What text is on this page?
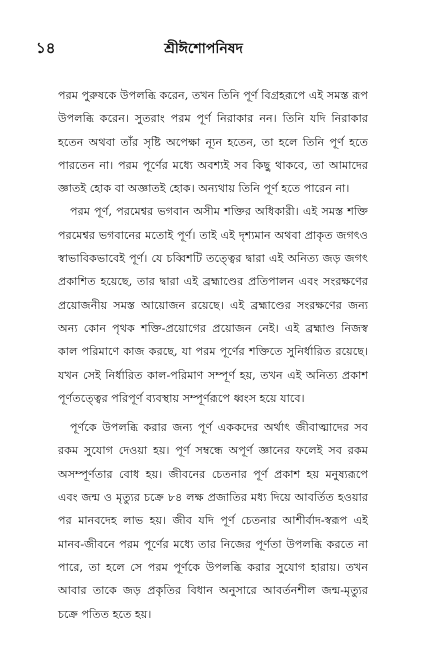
১৪	শ্রীঈশোপনিষদ

পরম পুরুষকে উপলব্ধি করেন, তখন তিনি পূর্ণ বিগ্রহরূপে এই সমস্ত রূপ উপলব্ধি করেন। সুতরাং পরম পূর্ণ নিরাকার নন। তিনি যদি নিরাকার হতেন অথবা তাঁর সৃষ্টি অপেক্ষা ন্যূন হতেন, তা হলে তিনি পূর্ণ হতে পারতেন না। পরম পূর্ণের মধ্যে অবশ্যই সব কিছু থাকবে, তা আমাদের জ্ঞাতই হোক বা অজ্ঞাতই হোক। অন্যথায় তিনি পূর্ণ হতে পারেন না।

পরম পূর্ণ, পরমেশ্বর ভগবান অসীম শক্তির অধিকারী। এই সমস্ত শক্তি পরমেশ্বর ভগবানের মতোই পূর্ণ। তাই এই দৃশ্যমান অথবা প্রাকৃত জগৎও স্বাভাবিকভাবেই পূর্ণ। যে চব্বিশটি তত্ত্বের দ্বারা এই অনিত্য জড় জগৎ প্রকাশিত হয়েছে, তার দ্বারা এই ব্রহ্মাণ্ডের প্রতিপালন এবং সংরক্ষণের প্রয়োজনীয় সমস্ত আয়োজন রয়েছে। এই ব্রহ্মাণ্ডের সংরক্ষণের জন্য অন্য কোন পৃথক শক্তি-প্রয়োগের প্রয়োজন নেই। এই ব্রহ্মাণ্ড নিজস্ব কাল পরিমাণে কাজ করছে, যা পরম পূর্ণের শক্তিতে সুনির্ধারিত রয়েছে। যখন সেই নির্ধারিত কাল-পরিমাণ সম্পূর্ণ হয়, তখন এই অনিত্য প্রকাশ পূর্ণতত্ত্বের পরিপূর্ণ ব্যবস্থায় সম্পূর্ণরূপে ধ্বংস হয়ে যাবে।

পূর্ণকে উপলব্ধি করার জন্য পূর্ণ এককদের অর্থাৎ জীবাত্মাদের সব রকম সুযোগ দেওয়া হয়। পূর্ণ সম্বন্ধে অপূর্ণ জ্ঞানের ফলেই সব রকম অসম্পূর্ণতার বোধ হয়। জীবনের চেতনার পূর্ণ প্রকাশ হয় মনুষ্যরূপে এবং জন্ম ও মৃত্যুর চক্রে ৮৪ লক্ষ প্রজাতির মধ্য দিয়ে আবর্তিত হওয়ার পর মানবদেহ লাভ হয়। জীব যদি পূর্ণ চেতনার আশীর্বাদ-স্বরূপ এই মানব-জীবনে পরম পূর্ণের মধ্যে তার নিজের পূর্ণতা উপলব্ধি করতে না পারে, তা হলে সে পরম পূর্ণকে উপলব্ধি করার সুযোগ হারায়। তখন আবার তাকে জড় প্রকৃতির বিধান অনুসারে আবর্তনশীল জন্ম-মৃত্যুর চক্রে পতিত হতে হয়।
